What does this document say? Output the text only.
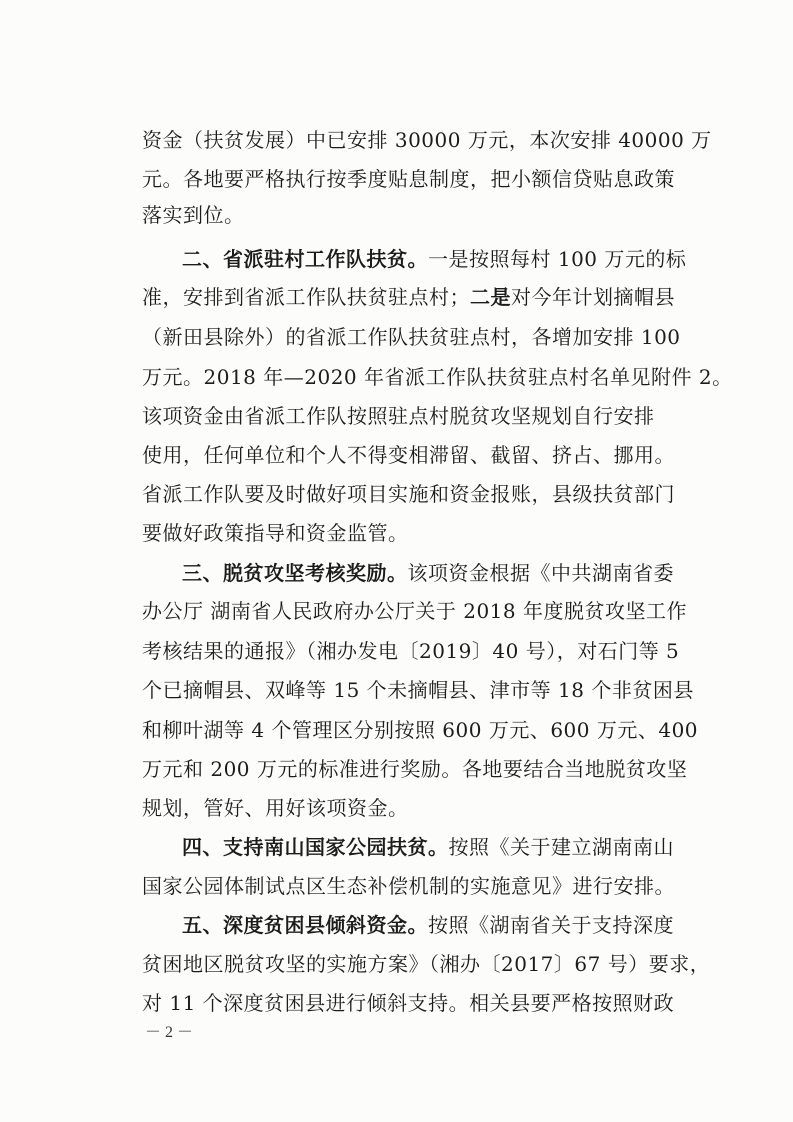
资金（扶贫发展）中已安排 30000 万元，本次安排 40000 万
元。各地要严格执行按季度贴息制度，把小额信贷贴息政策
落实到位。
二、省派驻村工作队扶贫。一是按照每村 100 万元的标
准，安排到省派工作队扶贫驻点村；二是对今年计划摘帽县
（新田县除外）的省派工作队扶贫驻点村，各增加安排 100
万元。2018 年—2020 年省派工作队扶贫驻点村名单见附件 2。
该项资金由省派工作队按照驻点村脱贫攻坚规划自行安排
使用，任何单位和个人不得变相滞留、截留、挤占、挪用。
省派工作队要及时做好项目实施和资金报账，县级扶贫部门
要做好政策指导和资金监管。
三、脱贫攻坚考核奖励。该项资金根据《中共湖南省委
办公厅 湖南省人民政府办公厅关于 2018 年度脱贫攻坚工作
考核结果的通报》（湘办发电〔2019〕40 号），对石门等 5
个已摘帽县、双峰等 15 个未摘帽县、津市等 18 个非贫困县
和柳叶湖等 4 个管理区分别按照 600 万元、600 万元、400
万元和 200 万元的标准进行奖励。各地要结合当地脱贫攻坚
规划，管好、用好该项资金。
四、支持南山国家公园扶贫。按照《关于建立湖南南山
国家公园体制试点区生态补偿机制的实施意见》进行安排。
五、深度贫困县倾斜资金。按照《湖南省关于支持深度
贫困地区脱贫攻坚的实施方案》（湘办〔2017〕67 号）要求，
对 11 个深度贫困县进行倾斜支持。相关县要严格按照财政
－ 2 －
